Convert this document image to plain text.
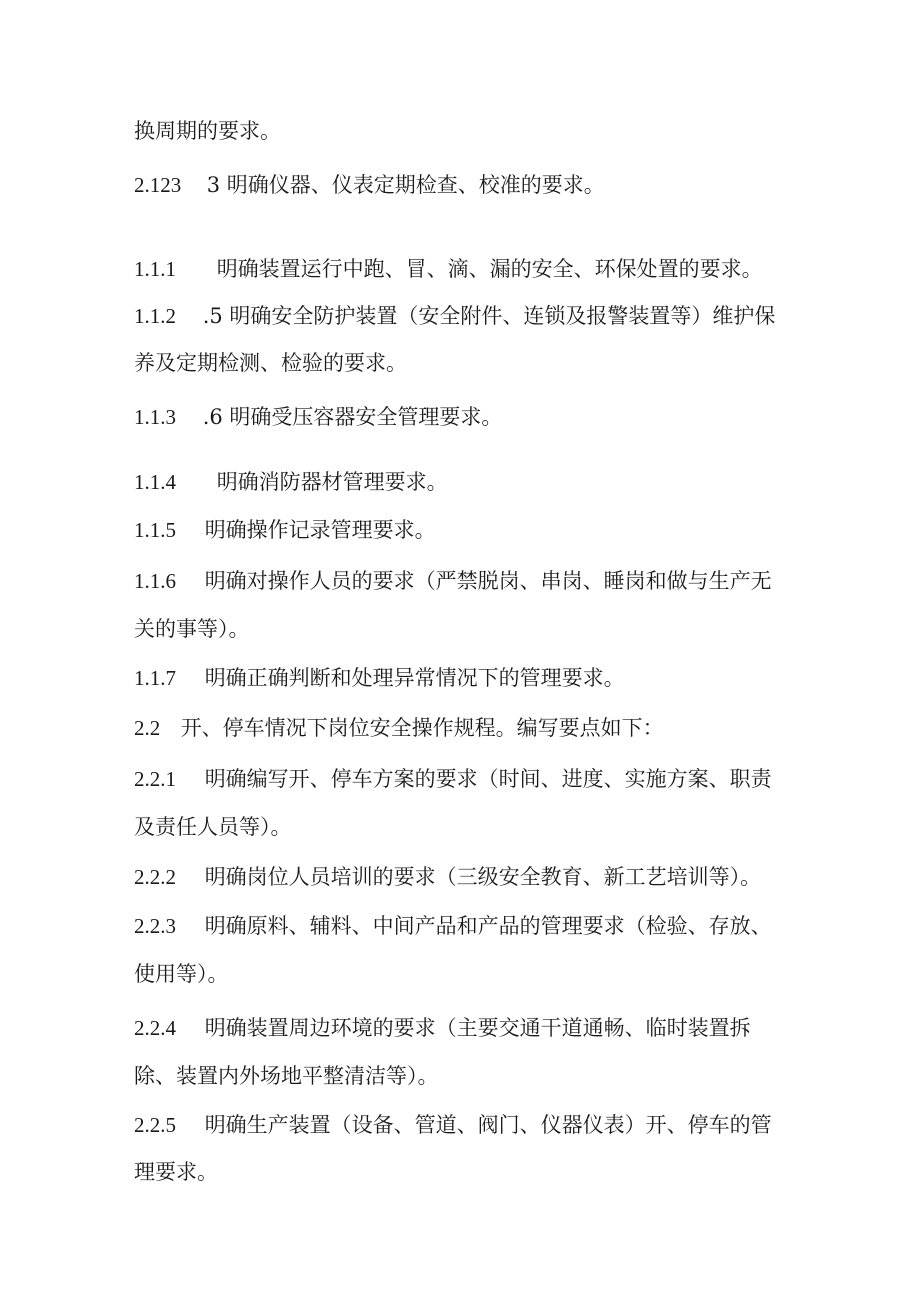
换周期的要求。
2.123 3 明确仪器、仪表定期检查、校准的要求。
1.1.1 明确装置运行中跑、冒、滴、漏的安全、环保处置的要求。
1.1.2 .5 明确安全防护装置（安全附件、连锁及报警装置等）维护保
养及定期检测、检验的要求。
1.1.3 .6 明确受压容器安全管理要求。
1.1.4 明确消防器材管理要求。
1.1.5 明确操作记录管理要求。
1.1.6 明确对操作人员的要求（严禁脱岗、串岗、睡岗和做与生产无
关的事等）。
1.1.7 明确正确判断和处理异常情况下的管理要求。
2.2 开、停车情况下岗位安全操作规程。编写要点如下：
2.2.1 明确编写开、停车方案的要求（时间、进度、实施方案、职责
及责任人员等）。
2.2.2 明确岗位人员培训的要求（三级安全教育、新工艺培训等）。
2.2.3 明确原料、辅料、中间产品和产品的管理要求（检验、存放、
使用等）。
2.2.4 明确装置周边环境的要求（主要交通干道通畅、临时装置拆
除、装置内外场地平整清洁等）。
2.2.5 明确生产装置（设备、管道、阀门、仪器仪表）开、停车的管
理要求。
